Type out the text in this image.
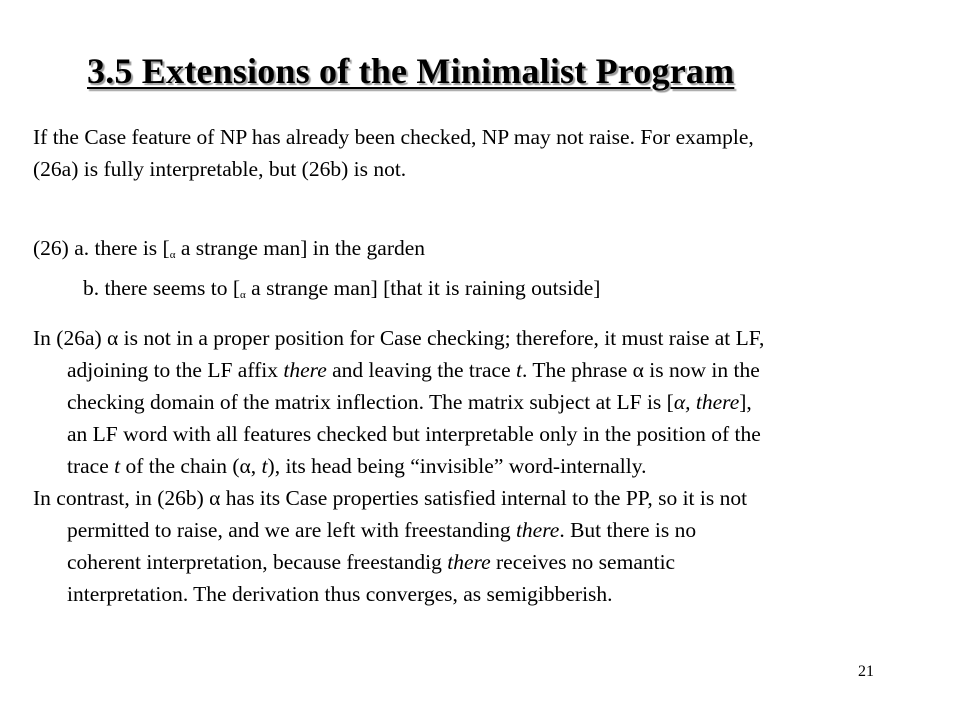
3.5 Extensions of the Minimalist Program
If the Case feature of NP has already been checked, NP may not raise. For example,
(26a) is fully interpretable, but (26b) is not.
(26) a. there is [$_\alpha$ a strange man] in the garden
b. there seems to [$_\alpha$ a strange man] [that it is raining outside]
In (26a) α is not in a proper position for Case checking; therefore, it must raise at LF,
adjoining to the LF affix there and leaving the trace t. The phrase α is now in the
checking domain of the matrix inflection. The matrix subject at LF is [α, there],
an LF word with all features checked but interpretable only in the position of the
trace t of the chain (α, t), its head being “invisible” word-internally.
In contrast, in (26b) α has its Case properties satisfied internal to the PP, so it is not
permitted to raise, and we are left with freestanding there. But there is no
coherent interpretation, because freestandig there receives no semantic
interpretation. The derivation thus converges, as semigibberish.
21
